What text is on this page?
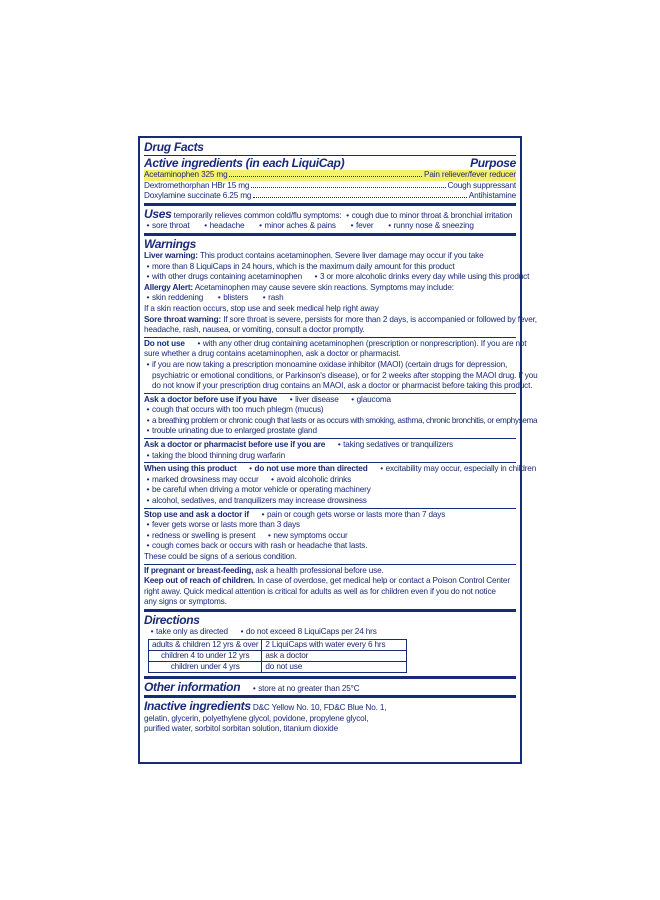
Drug Facts
Active ingredients (in each LiquiCap)	Purpose
Acetaminophen 325 mg	Pain reliever/fever reducer
Dextromethorphan HBr 15 mg	Cough suppressant
Doxylamine succinate 6.25 mg	Antihistamine
Uses temporarily relieves common cold/flu symptoms: • cough due to minor throat & bronchial irritation
• sore throat • headache • minor aches & pains • fever • runny nose & sneezing
Warnings
Liver warning: This product contains acetaminophen. Severe liver damage may occur if you take
• more than 8 LiquiCaps in 24 hours, which is the maximum daily amount for this product
• with other drugs containing acetaminophen • 3 or more alcoholic drinks every day while using this product
Allergy Alert: Acetaminophen may cause severe skin reactions. Symptoms may include:
• skin reddening • blisters • rash
If a skin reaction occurs, stop use and seek medical help right away
Sore throat warning: If sore throat is severe, persists for more than 2 days, is accompanied or followed by fever,
headache, rash, nausea, or vomiting, consult a doctor promptly.
Do not use • with any other drug containing acetaminophen (prescription or nonprescription). If you are not
sure whether a drug contains acetaminophen, ask a doctor or pharmacist.
• if you are now taking a prescription monoamine oxidase inhibitor (MAOI) (certain drugs for depression,
psychiatric or emotional conditions, or Parkinson's disease), or for 2 weeks after stopping the MAOI drug. If you
do not know if your prescription drug contains an MAOI, ask a doctor or pharmacist before taking this product.
Ask a doctor before use if you have • liver disease • glaucoma
• cough that occurs with too much phlegm (mucus)
• a breathing problem or chronic cough that lasts or as occurs with smoking, asthma, chronic bronchitis, or emphysema
• trouble urinating due to enlarged prostate gland
Ask a doctor or pharmacist before use if you are • taking sedatives or tranquilizers
• taking the blood thinning drug warfarin
When using this product • do not use more than directed • excitability may occur, especially in children
• marked drowsiness may occur • avoid alcoholic drinks
• be careful when driving a motor vehicle or operating machinery
• alcohol, sedatives, and tranquilizers may increase drowsiness
Stop use and ask a doctor if • pain or cough gets worse or lasts more than 7 days
• fever gets worse or lasts more than 3 days
• redness or swelling is present • new symptoms occur
• cough comes back or occurs with rash or headache that lasts.
These could be signs of a serious condition.
If pregnant or breast-feeding, ask a health professional before use.
Keep out of reach of children. In case of overdose, get medical help or contact a Poison Control Center
right away. Quick medical attention is critical for adults as well as for children even if you do not notice
any signs or symptoms.
Directions
• take only as directed • do not exceed 8 LiquiCaps per 24 hrs
adults & children 12 yrs & over	2 LiquiCaps with water every 6 hrs
children 4 to under 12 yrs	ask a doctor
children under 4 yrs	do not use
Other information • store at no greater than 25°C
Inactive ingredients D&C Yellow No. 10, FD&C Blue No. 1,
gelatin, glycerin, polyethylene glycol, povidone, propylene glycol,
purified water, sorbitol sorbitan solution, titanium dioxide
